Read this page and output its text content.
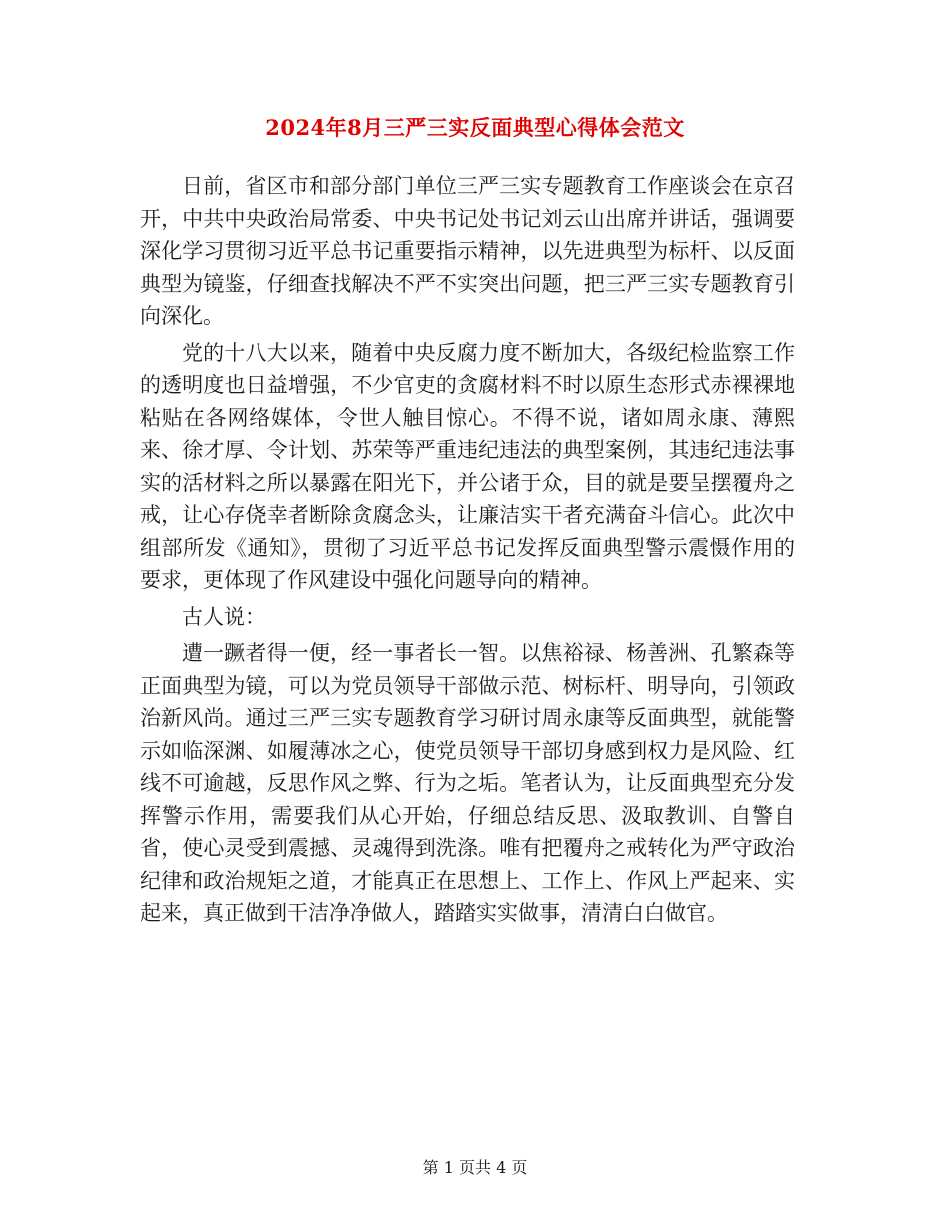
2024年8月三严三实反面典型心得体会范文

日前，省区市和部分部门单位三严三实专题教育工作座谈会在京召开，中共中央政治局常委、中央书记处书记刘云山出席并讲话，强调要深化学习贯彻习近平总书记重要指示精神，以先进典型为标杆、以反面典型为镜鉴，仔细查找解决不严不实突出问题，把三严三实专题教育引向深化。

党的十八大以来，随着中央反腐力度不断加大，各级纪检监察工作的透明度也日益增强，不少官吏的贪腐材料不时以原生态形式赤裸裸地粘贴在各网络媒体，令世人触目惊心。不得不说，诸如周永康、薄熙来、徐才厚、令计划、苏荣等严重违纪违法的典型案例，其违纪违法事实的活材料之所以暴露在阳光下，并公诸于众，目的就是要呈摆覆舟之戒，让心存侥幸者断除贪腐念头，让廉洁实干者充满奋斗信心。此次中组部所发《通知》，贯彻了习近平总书记发挥反面典型警示震慑作用的要求，更体现了作风建设中强化问题导向的精神。

古人说：

遭一蹶者得一便，经一事者长一智。以焦裕禄、杨善洲、孔繁森等正面典型为镜，可以为党员领导干部做示范、树标杆、明导向，引领政治新风尚。通过三严三实专题教育学习研讨周永康等反面典型，就能警示如临深渊、如履薄冰之心，使党员领导干部切身感到权力是风险、红线不可逾越，反思作风之弊、行为之垢。笔者认为，让反面典型充分发挥警示作用，需要我们从心开始，仔细总结反思、汲取教训、自警自省，使心灵受到震撼、灵魂得到洗涤。唯有把覆舟之戒转化为严守政治纪律和政治规矩之道，才能真正在思想上、工作上、作风上严起来、实起来，真正做到干洁净净做人，踏踏实实做事，清清白白做官。

第 1 页共 4 页
